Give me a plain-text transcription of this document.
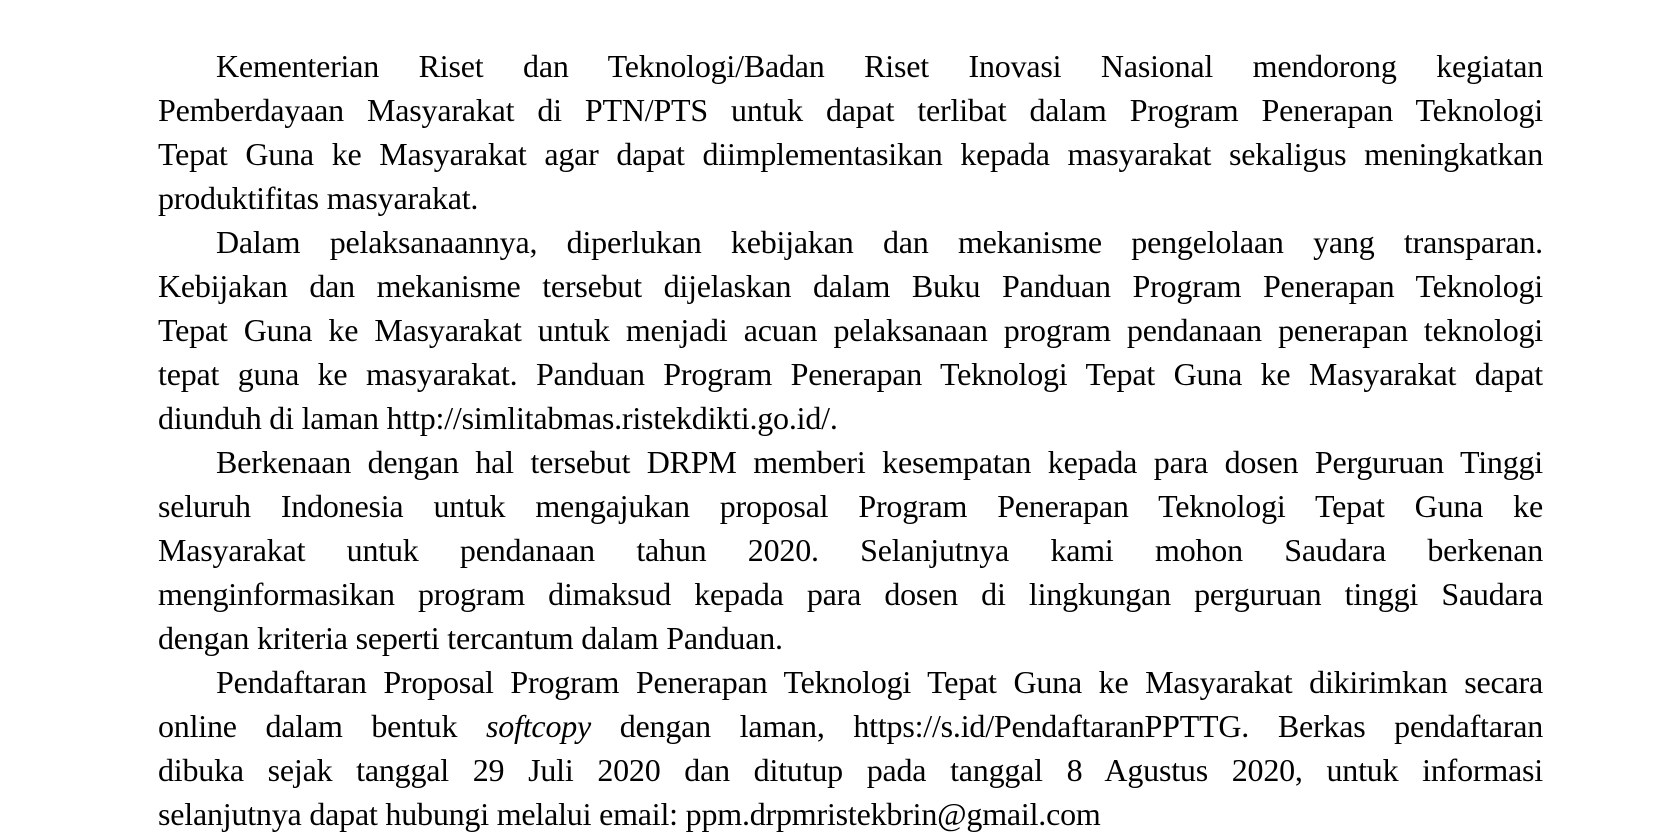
Kementerian Riset dan Teknologi/Badan Riset Inovasi Nasional mendorong kegiatan
Pemberdayaan Masyarakat di PTN/PTS untuk dapat terlibat dalam Program Penerapan Teknologi
Tepat Guna ke Masyarakat agar dapat diimplementasikan kepada masyarakat sekaligus meningkatkan
produktifitas masyarakat.
Dalam pelaksanaannya, diperlukan kebijakan dan mekanisme pengelolaan yang transparan.
Kebijakan dan mekanisme tersebut dijelaskan dalam Buku Panduan Program Penerapan Teknologi
Tepat Guna ke Masyarakat untuk menjadi acuan pelaksanaan program pendanaan penerapan teknologi
tepat guna ke masyarakat. Panduan Program Penerapan Teknologi Tepat Guna ke Masyarakat dapat
diunduh di laman http://simlitabmas.ristekdikti.go.id/.
Berkenaan dengan hal tersebut DRPM memberi kesempatan kepada para dosen Perguruan Tinggi
seluruh Indonesia untuk mengajukan proposal Program Penerapan Teknologi Tepat Guna ke
Masyarakat untuk pendanaan tahun 2020. Selanjutnya kami mohon Saudara berkenan
menginformasikan program dimaksud kepada para dosen di lingkungan perguruan tinggi Saudara
dengan kriteria seperti tercantum dalam Panduan.
Pendaftaran Proposal Program Penerapan Teknologi Tepat Guna ke Masyarakat dikirimkan secara
online dalam bentuk softcopy dengan laman, https://s.id/PendaftaranPPTTG. Berkas pendaftaran
dibuka sejak tanggal 29 Juli 2020 dan ditutup pada tanggal 8 Agustus 2020, untuk informasi
selanjutnya dapat hubungi melalui email: ppm.drpmristekbrin@gmail.com
